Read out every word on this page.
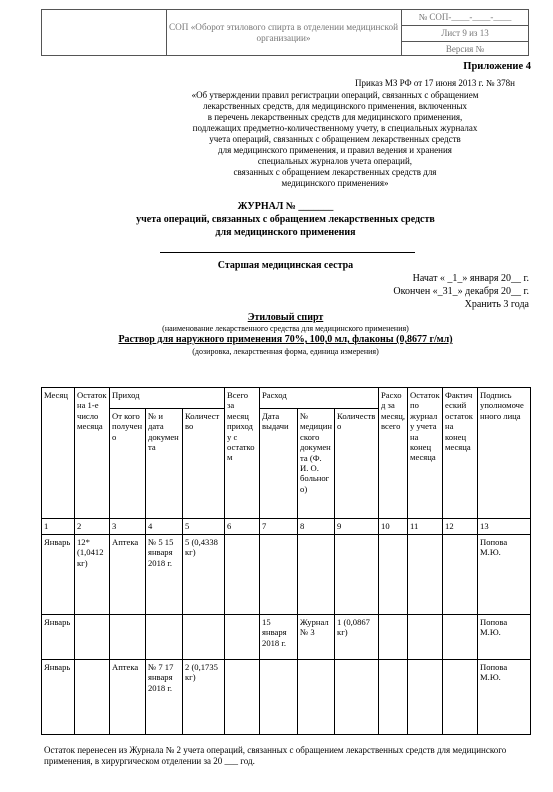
СОП «Оборот этилового спирта в отделении медицинской организации»
№ СОП-____-____-____
Лист 9 из 13
Версия №
Приложение 4
Приказ МЗ РФ от 17 июня 2013 г. № 378н
«Об утверждении правил регистрации операций, связанных с обращением
лекарственных средств, для медицинского применения, включенных
в перечень лекарственных средств для медицинского применения,
подлежащих предметно-количественному учету, в специальных журналах
учета операций, связанных с обращением лекарственных средств
для медицинского применения, и правил ведения и хранения
специальных журналов учета операций,
связанных с обращением лекарственных средств для
медицинского применения»
ЖУРНАЛ № _______
учета операций, связанных с обращением лекарственных средств
для медицинского применения
Старшая медицинская сестра
Начат « _1_» января 20__ г.
Окончен «_31_» декабря 20__ г.
Хранить 3 года
Этиловый спирт
(наименование лекарственного средства для медицинского применения)
Раствор для наружного применения 70%, 100,0 мл, флаконы (0,8677 г/мл)
(дозировка, лекарственная форма, единица измерения)
Месяц	Остаток на 1-е число месяца	Приход			Всего за месяц приход у с остатком	Расход			Расход за месяц, всего	Остаток по журналу учета на конец месяца	Фактический остаток на конец месяца	Подпись уполномоченного лица
		От кого получено	№ и дата документа	Количество		Дата выдачи	№ медицинского документа (Ф. И. О. больного)	Количество				
1	2	3	4	5	6	7	8	9	10	11	12	13
Январь	12* (1,0412 кг)	Аптека	№ 5 15 января 2018 г.	5 (0,4338 кг)								Попова М.Ю.
Январь						15 января 2018 г.	Журнал № 3	1 (0,0867 кг)				Попова М.Ю.
Январь		Аптека	№ 7 17 января 2018 г.	2 (0,1735 кг)								Попова М.Ю.
Остаток перенесен из Журнала № 2 учета операций, связанных с обращением лекарственных средств для медицинского применения, в хирургическом отделении за 20 ___ год.
